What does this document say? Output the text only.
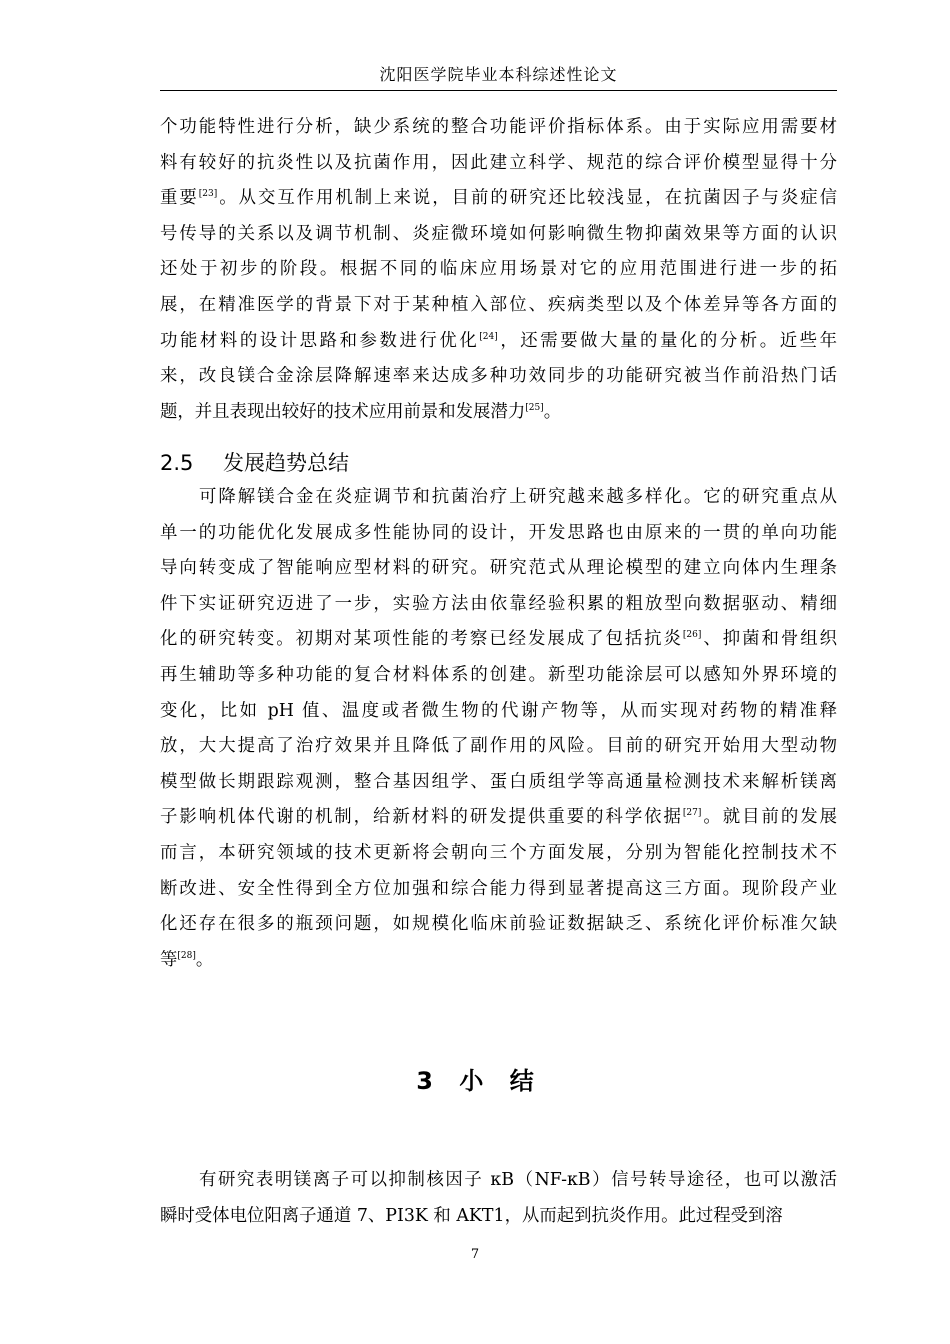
沈阳医学院毕业本科综述性论文
个功能特性进行分析，缺少系统的整合功能评价指标体系。由于实际应用需要材
料有较好的抗炎性以及抗菌作用，因此建立科学、规范的综合评价模型显得十分
重要[23]。从交互作用机制上来说，目前的研究还比较浅显，在抗菌因子与炎症信
号传导的关系以及调节机制、炎症微环境如何影响微生物抑菌效果等方面的认识
还处于初步的阶段。根据不同的临床应用场景对它的应用范围进行进一步的拓
展，在精准医学的背景下对于某种植入部位、疾病类型以及个体差异等各方面的
功能材料的设计思路和参数进行优化[24]，还需要做大量的量化的分析。近些年
来，改良镁合金涂层降解速率来达成多种功效同步的功能研究被当作前沿热门话
题，并且表现出较好的技术应用前景和发展潜力[25]。
2.5 发展趋势总结
可降解镁合金在炎症调节和抗菌治疗上研究越来越多样化。它的研究重点从
单一的功能优化发展成多性能协同的设计，开发思路也由原来的一贯的单向功能
导向转变成了智能响应型材料的研究。研究范式从理论模型的建立向体内生理条
件下实证研究迈进了一步，实验方法由依靠经验积累的粗放型向数据驱动、精细
化的研究转变。初期对某项性能的考察已经发展成了包括抗炎[26]、抑菌和骨组织
再生辅助等多种功能的复合材料体系的创建。新型功能涂层可以感知外界环境的
变化，比如 pH 值、温度或者微生物的代谢产物等，从而实现对药物的精准释
放，大大提高了治疗效果并且降低了副作用的风险。目前的研究开始用大型动物
模型做长期跟踪观测，整合基因组学、蛋白质组学等高通量检测技术来解析镁离
子影响机体代谢的机制，给新材料的研发提供重要的科学依据[27]。就目前的发展
而言，本研究领域的技术更新将会朝向三个方面发展，分别为智能化控制技术不
断改进、安全性得到全方位加强和综合能力得到显著提高这三方面。现阶段产业
化还存在很多的瓶颈问题，如规模化临床前验证数据缺乏、系统化评价标准欠缺
等[28]。
3 小 结
有研究表明镁离子可以抑制核因子 κB（NF-κB）信号转导途径，也可以激活
瞬时受体电位阳离子通道 7、PI3K 和 AKT1，从而起到抗炎作用。此过程受到溶
7
